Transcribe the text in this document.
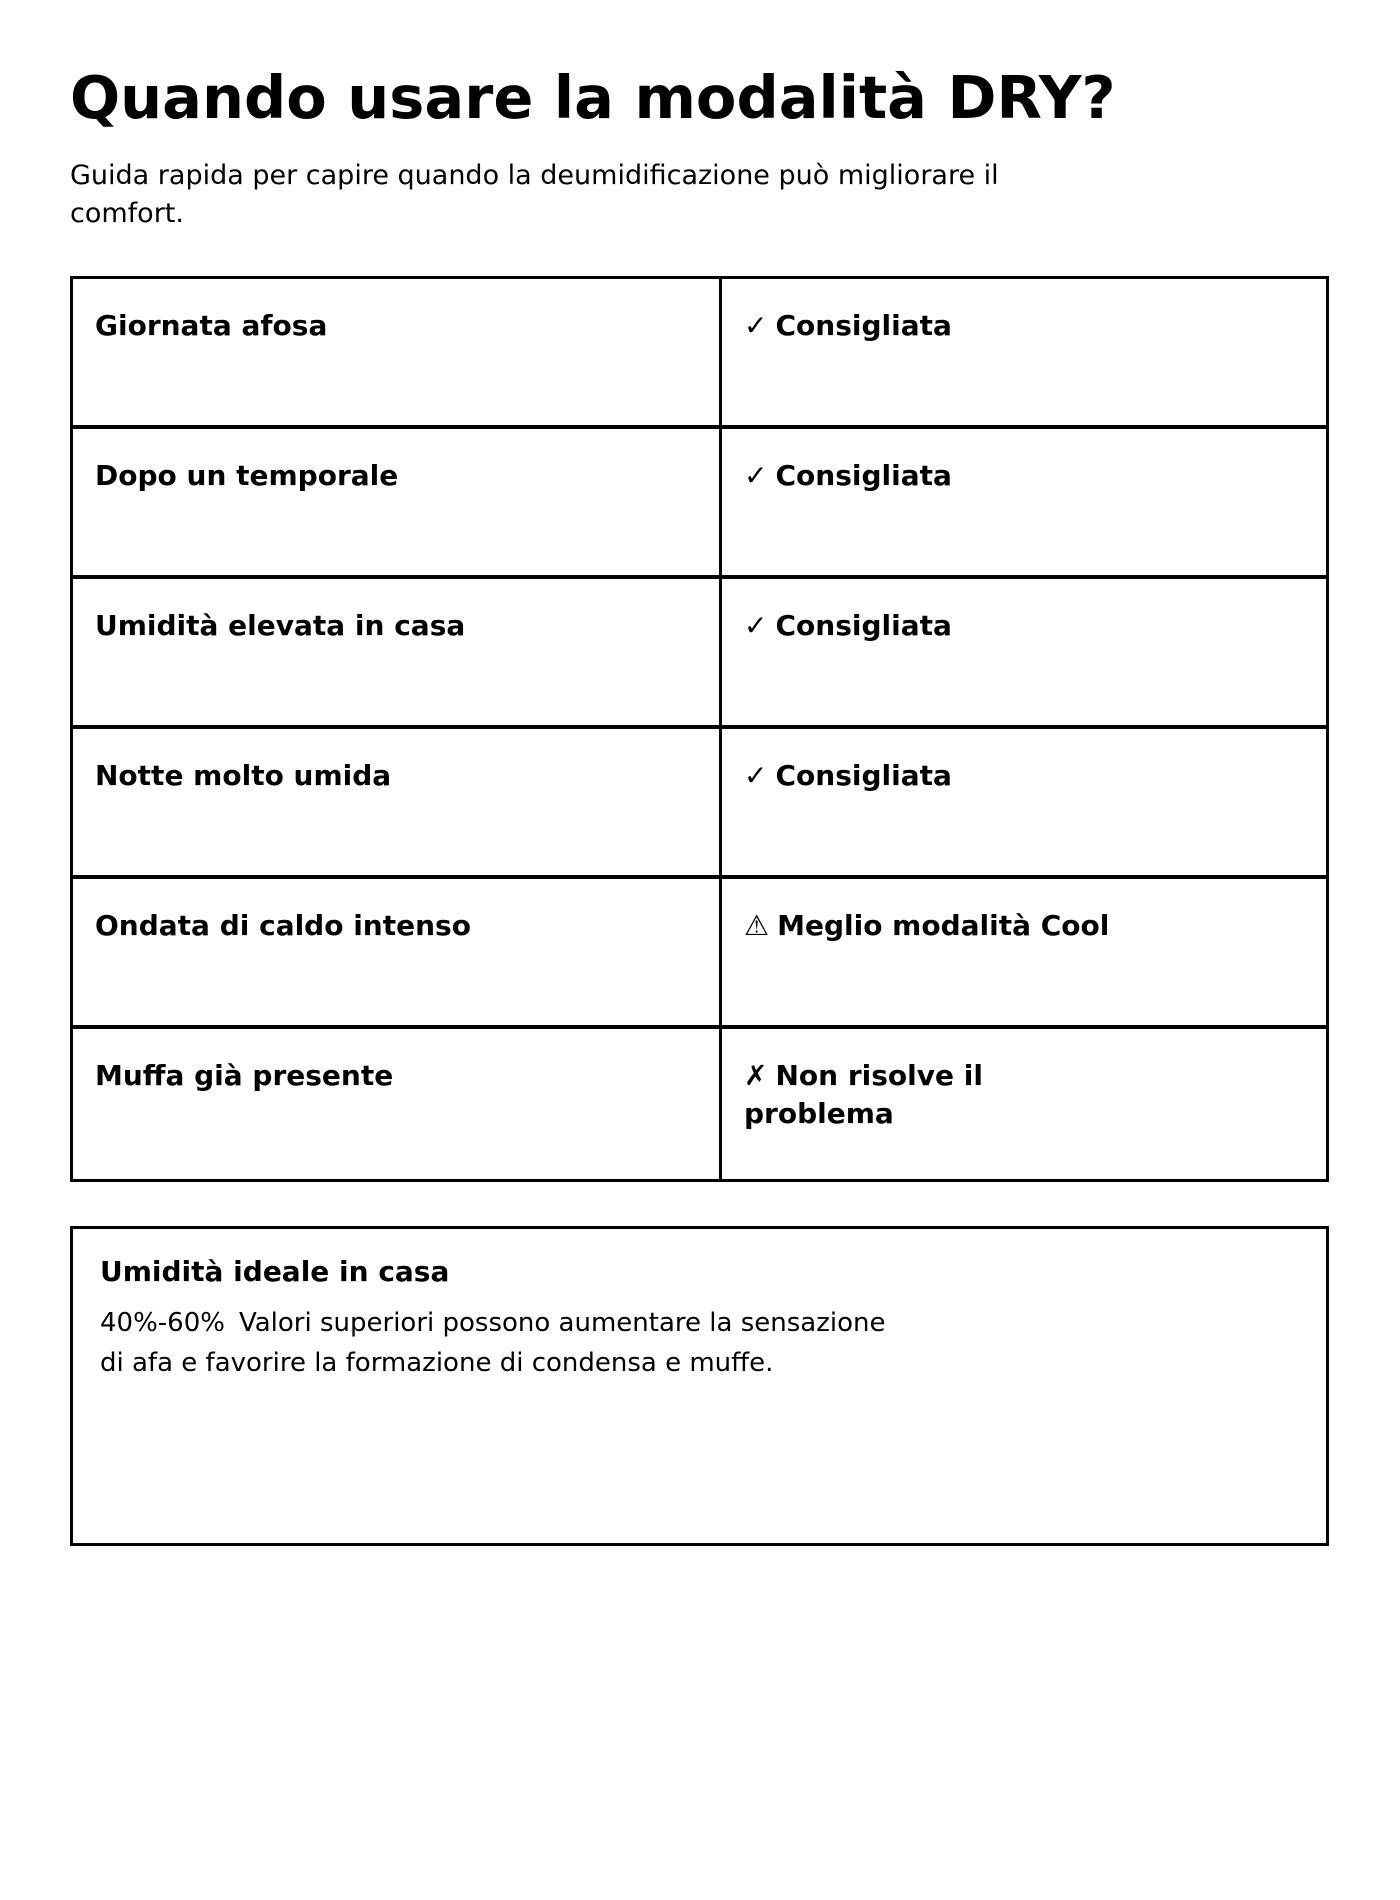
Quando usare la modalità DRY?

Guida rapida per capire quando la deumidificazione può migliorare il comfort.

Giornata afosa	✓ Consigliata
Dopo un temporale	✓ Consigliata
Umidità elevata in casa	✓ Consigliata
Notte molto umida	✓ Consigliata
Ondata di caldo intenso	⚠ Meglio modalità Cool
Muffa già presente	✗ Non risolve il problema

Umidità ideale in casa

40%-60% Valori superiori possono aumentare la sensazione di afa e favorire la formazione di condensa e muffe.
